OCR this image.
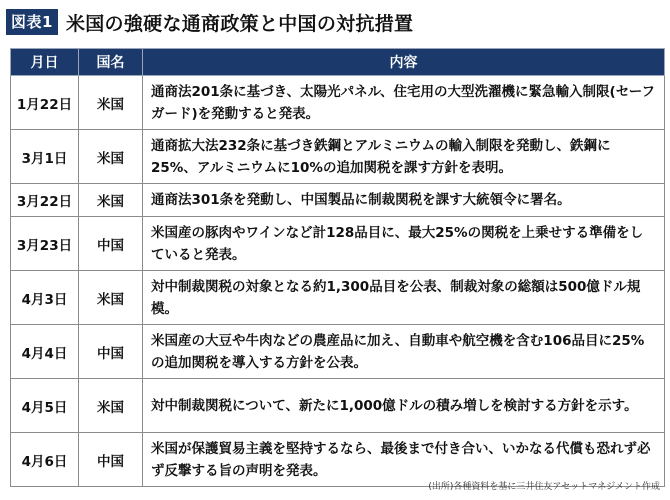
図表1 米国の強硬な通商政策と中国の対抗措置
月日	国名	内容
1月22日	米国	通商法201条に基づき、太陽光パネル、住宅用の大型洗濯機に緊急輸入制限(セーフガード)を発動すると発表。
3月1日	米国	通商拡大法232条に基づき鉄鋼とアルミニウムの輸入制限を発動し、鉄鋼に25%、アルミニウムに10%の追加関税を課す方針を表明。
3月22日	米国	通商法301条を発動し、中国製品に制裁関税を課す大統領令に署名。
3月23日	中国	米国産の豚肉やワインなど計128品目に、最大25%の関税を上乗せする準備をしていると発表。
4月3日	米国	対中制裁関税の対象となる約1,300品目を公表、制裁対象の総額は500億ドル規模。
4月4日	中国	米国産の大豆や牛肉などの農産品に加え、自動車や航空機を含む106品目に25%の追加関税を導入する方針を公表。
4月5日	米国	対中制裁関税について、新たに1,000億ドルの積み増しを検討する方針を示す。
4月6日	中国	米国が保護貿易主義を堅持するなら、最後まで付き合い、いかなる代償も恐れず必ず反撃する旨の声明を発表。
(出所)各種資料を基に三井住友アセットマネジメント作成
